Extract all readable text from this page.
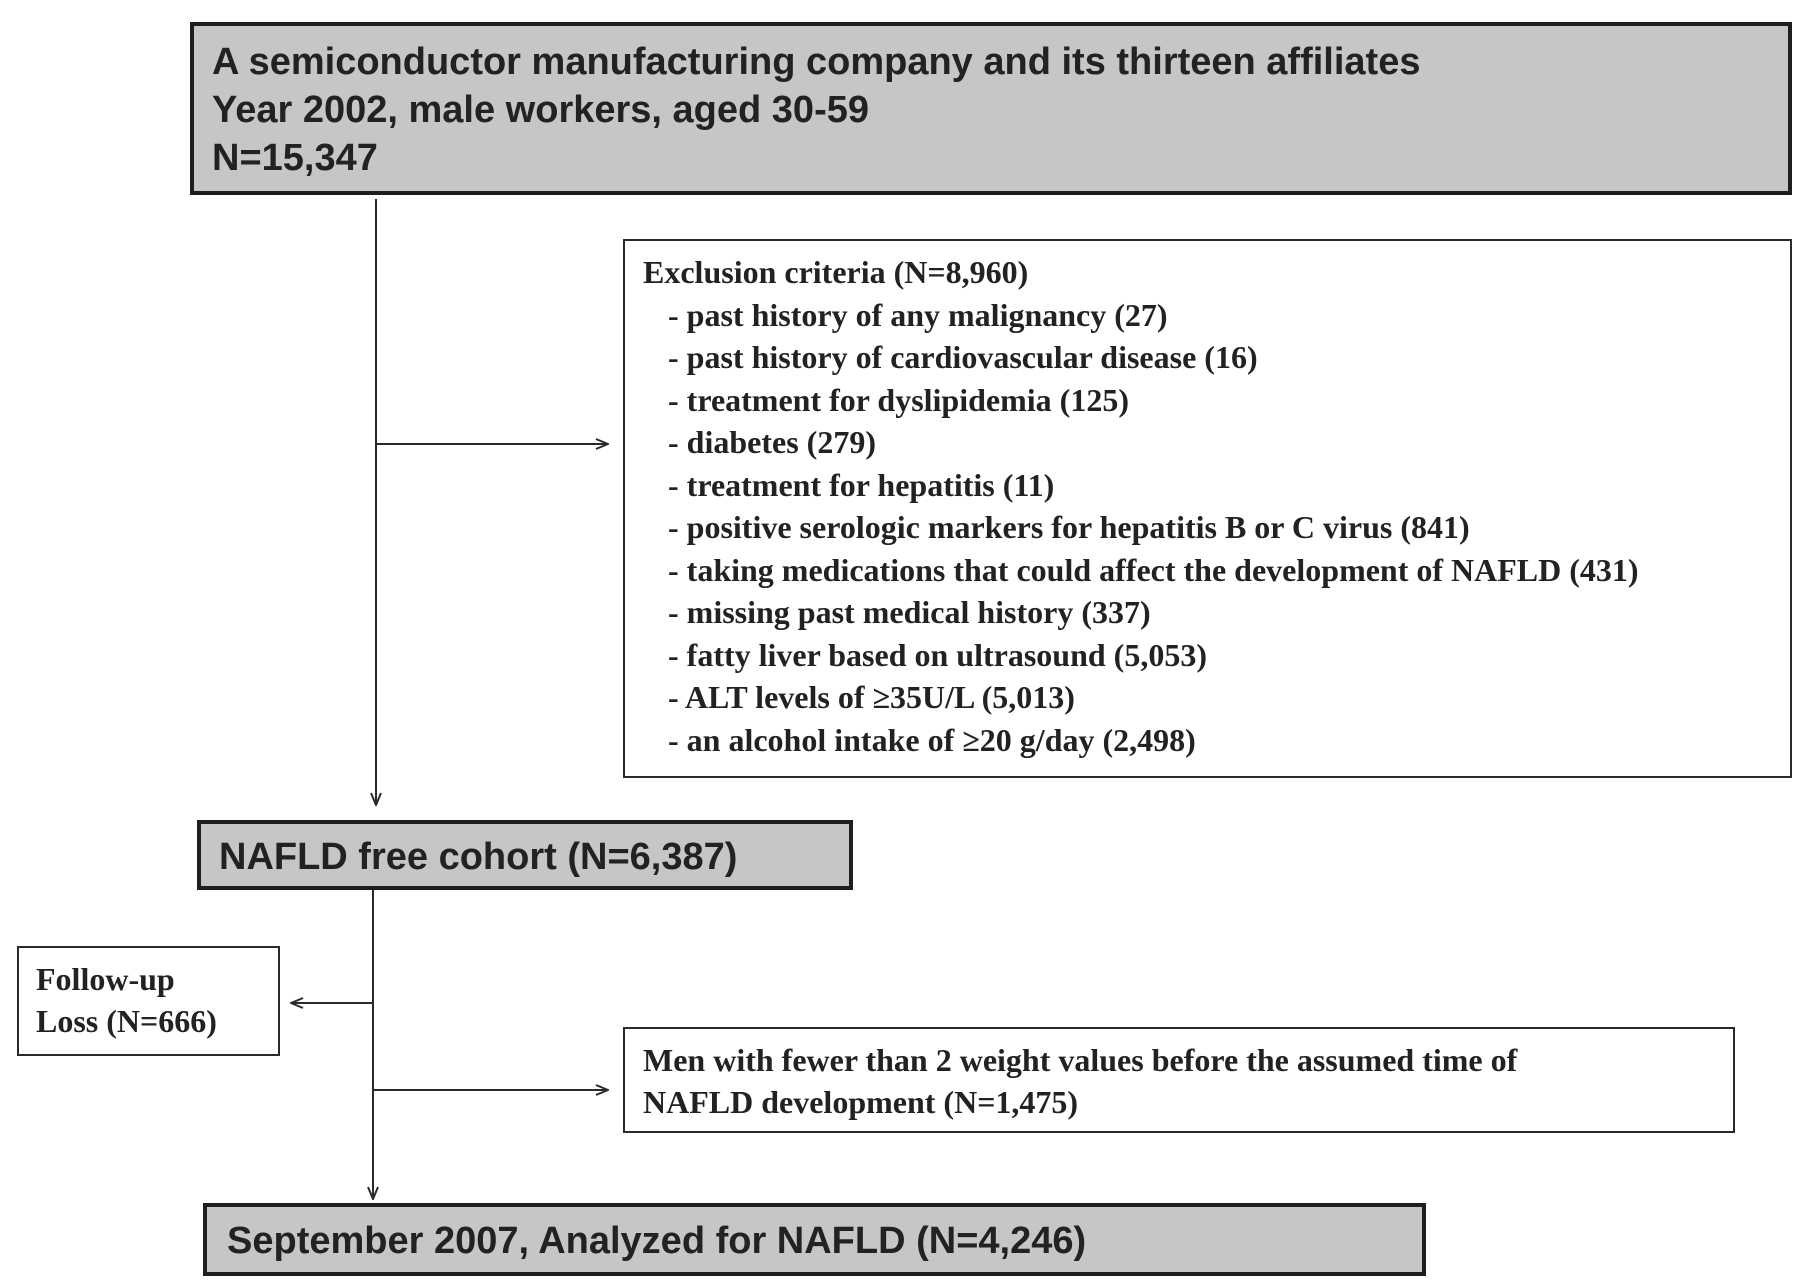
A semiconductor manufacturing company and its thirteen affiliates
Year 2002, male workers, aged 30-59
N=15,347
Exclusion criteria (N=8,960)
- past history of any malignancy (27)
- past history of cardiovascular disease (16)
- treatment for dyslipidemia (125)
- diabetes (279)
- treatment for hepatitis (11)
- positive serologic markers for hepatitis B or C virus (841)
- taking medications that could affect the development of NAFLD (431)
- missing past medical history (337)
- fatty liver based on ultrasound (5,053)
- ALT levels of ≥35U/L (5,013)
- an alcohol intake of ≥20 g/day (2,498)
NAFLD free cohort (N=6,387)
Follow-up
Loss (N=666)
Men with fewer than 2 weight values before the assumed time of
NAFLD development (N=1,475)
September 2007, Analyzed for NAFLD (N=4,246)
